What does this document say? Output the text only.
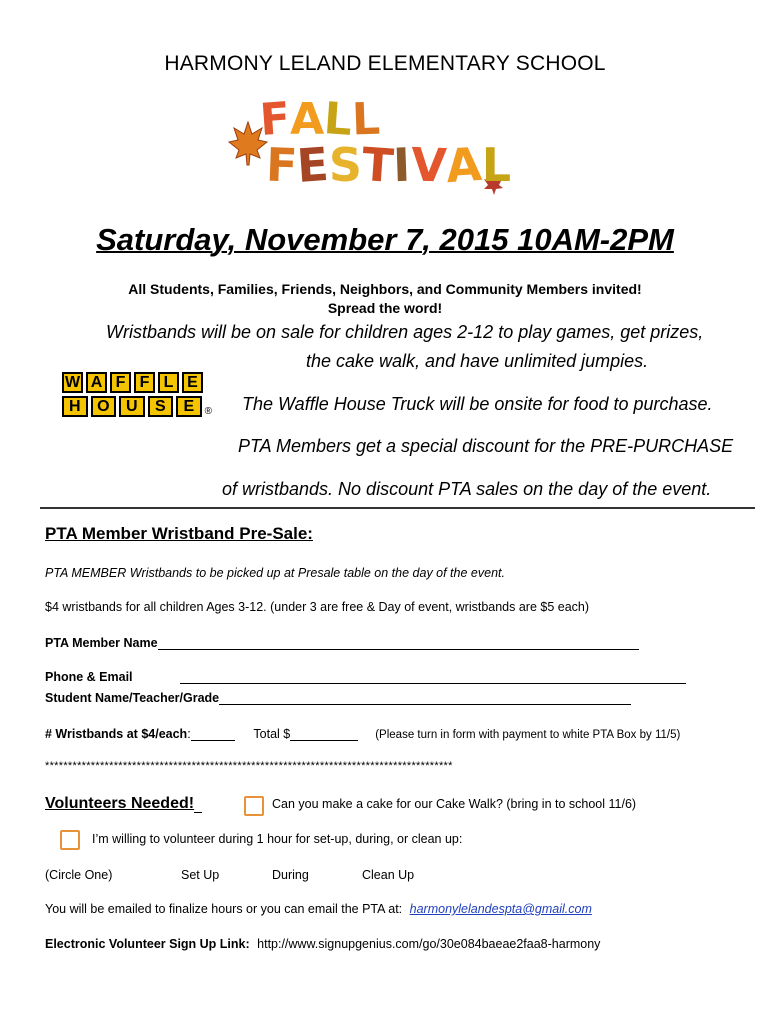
HARMONY LELAND ELEMENTARY SCHOOL
F
A
L
L
F
E
S
T
I
V
A
L
Saturday, November 7, 2015 10AM-2PM
All Students, Families, Friends, Neighbors, and Community Members invited!
Spread the word!
Wristbands will be on sale for children ages 2-12 to play games, get prizes,
the cake walk, and have unlimited jumpies.
The Waffle House Truck will be onsite for food to purchase.
PTA Members get a special discount for the PRE-PURCHASE
of wristbands. No discount PTA sales on the day of the event.
W A F F L E
H	O	U	S	E	®
PTA Member Wristband Pre-Sale:
PTA MEMBER Wristbands to be picked up at Presale table on the day of the event.
$4 wristbands for all children Ages 3-12. (under 3 are free & Day of event, wristbands are $5 each)
PTA Member Name
Phone & Email
Student Name/Teacher/Grade
# Wristbands at $4/each:	Total $	(Please turn in form with payment to white PTA Box by 11/5)
*****************************************************************************************
Volunteers Needed!	Can you make a cake for our Cake Walk? (bring in to school 11/6)
I’m willing to volunteer during 1 hour for set-up, during, or clean up:
(Circle One)	Set Up	During	Clean Up
You will be emailed to finalize hours or you can email the PTA at: harmonylelandespta@gmail.com
Electronic Volunteer Sign Up Link: http://www.signupgenius.com/go/30e084baeae2faa8-harmony
